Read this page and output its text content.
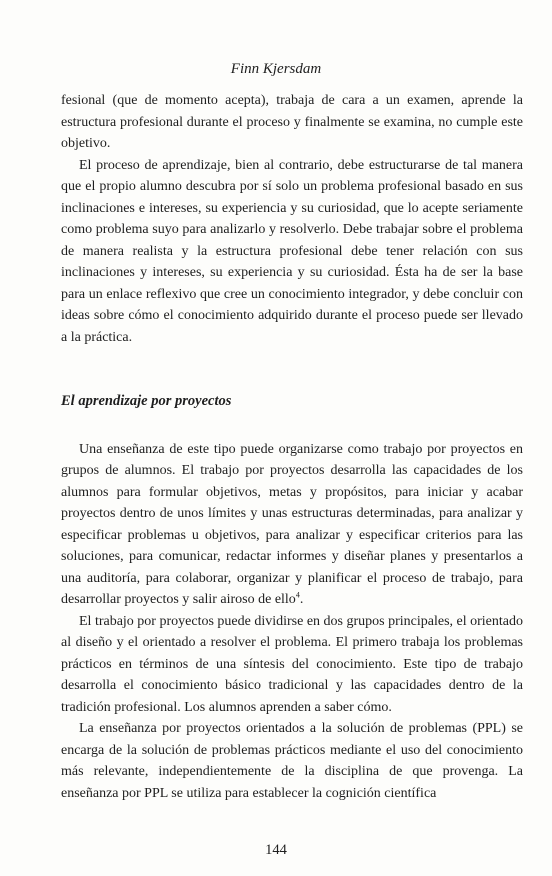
Finn Kjersdam

fesional (que de momento acepta), trabaja de cara a un examen, aprende la estructura profesional durante el proceso y finalmente se examina, no cumple este objetivo.

El proceso de aprendizaje, bien al contrario, debe estructurarse de tal manera que el propio alumno descubra por sí solo un problema profesional basado en sus inclinaciones e intereses, su experiencia y su curiosidad, que lo acepte seriamente como problema suyo para analizarlo y resolverlo. Debe trabajar sobre el problema de manera realista y la estructura profesional debe tener relación con sus inclinaciones y intereses, su experiencia y su curiosidad. Ésta ha de ser la base para un enlace reflexivo que cree un conocimiento integrador, y debe concluir con ideas sobre cómo el conocimiento adquirido durante el proceso puede ser llevado a la práctica.

El aprendizaje por proyectos

Una enseñanza de este tipo puede organizarse como trabajo por proyectos en grupos de alumnos. El trabajo por proyectos desarrolla las capacidades de los alumnos para formular objetivos, metas y propósitos, para iniciar y acabar proyectos dentro de unos límites y unas estructuras determinadas, para analizar y especificar problemas u objetivos, para analizar y especificar criterios para las soluciones, para comunicar, redactar informes y diseñar planes y presentarlos a una auditoría, para colaborar, organizar y planificar el proceso de trabajo, para desarrollar proyectos y salir airoso de ello$^4$.

El trabajo por proyectos puede dividirse en dos grupos principales, el orientado al diseño y el orientado a resolver el problema. El primero trabaja los problemas prácticos en términos de una síntesis del conocimiento. Este tipo de trabajo desarrolla el conocimiento básico tradicional y las capacidades dentro de la tradición profesional. Los alumnos aprenden a saber cómo.

La enseñanza por proyectos orientados a la solución de problemas (PPL) se encarga de la solución de problemas prácticos mediante el uso del conocimiento más relevante, independientemente de la disciplina de que provenga. La enseñanza por PPL se utiliza para establecer la cognición científica

144
